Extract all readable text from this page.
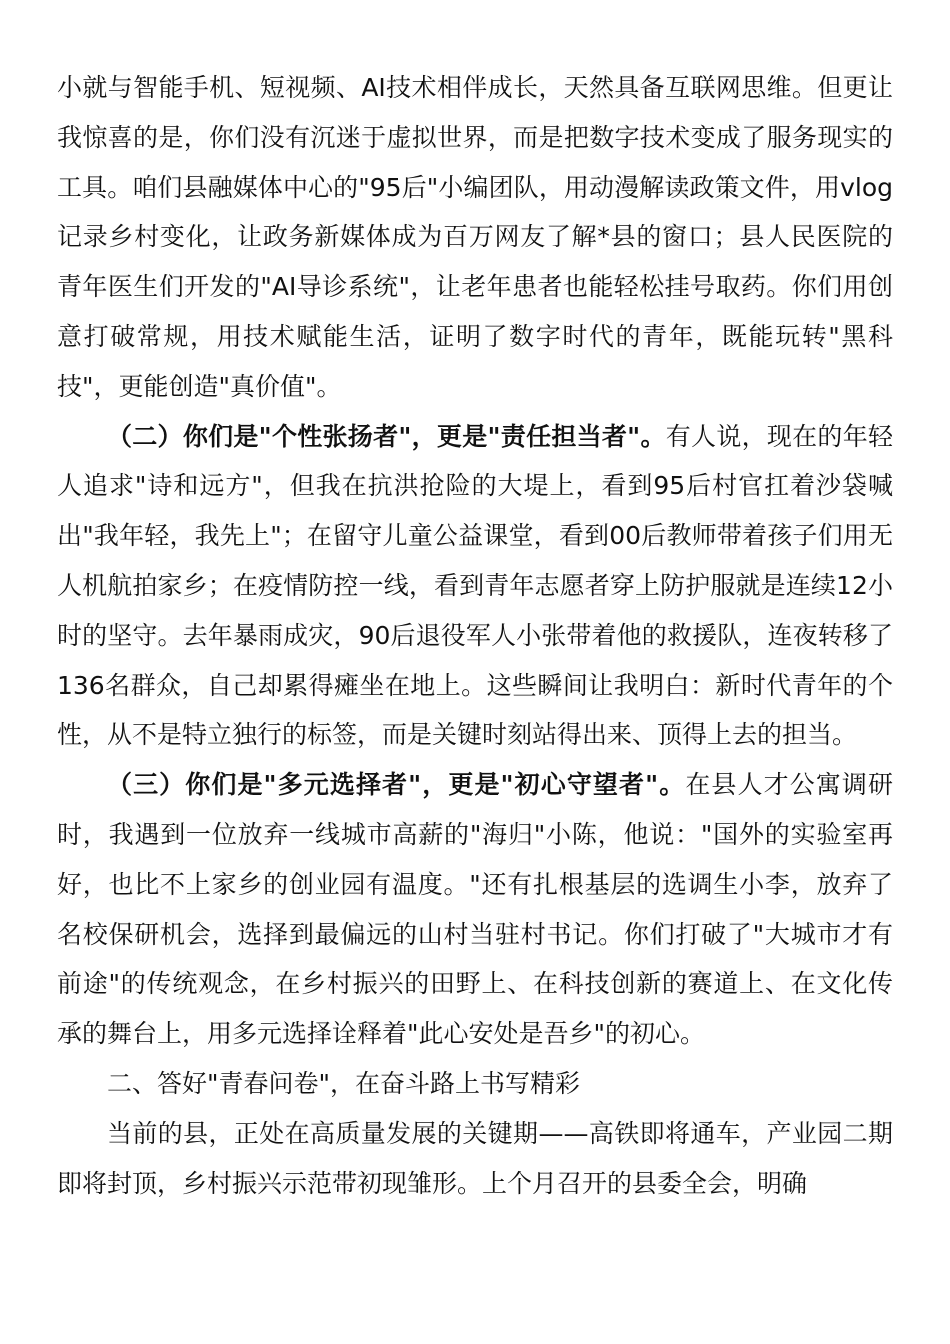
小就与智能手机、短视频、AI技术相伴成长，天然具备互联网思维。但更让我惊喜的是，你们没有沉迷于虚拟世界，而是把数字技术变成了服务现实的工具。咱们县融媒体中心的"95后"小编团队，用动漫解读政策文件，用vlog记录乡村变化，让政务新媒体成为百万网友了解*县的窗口；县人民医院的青年医生们开发的"AI导诊系统"，让老年患者也能轻松挂号取药。你们用创意打破常规，用技术赋能生活，证明了数字时代的青年，既能玩转"黑科技"，更能创造"真价值"。

（二）你们是"个性张扬者"，更是"责任担当者"。有人说，现在的年轻人追求"诗和远方"，但我在抗洪抢险的大堤上，看到95后村官扛着沙袋喊出"我年轻，我先上"；在留守儿童公益课堂，看到00后教师带着孩子们用无人机航拍家乡；在疫情防控一线，看到青年志愿者穿上防护服就是连续12小时的坚守。去年暴雨成灾，90后退役军人小张带着他的救援队，连夜转移了136名群众，自己却累得瘫坐在地上。这些瞬间让我明白：新时代青年的个性，从不是特立独行的标签，而是关键时刻站得出来、顶得上去的担当。

（三）你们是"多元选择者"，更是"初心守望者"。在县人才公寓调研时，我遇到一位放弃一线城市高薪的"海归"小陈，他说："国外的实验室再好，也比不上家乡的创业园有温度。"还有扎根基层的选调生小李，放弃了名校保研机会，选择到最偏远的山村当驻村书记。你们打破了"大城市才有前途"的传统观念，在乡村振兴的田野上、在科技创新的赛道上、在文化传承的舞台上，用多元选择诠释着"此心安处是吾乡"的初心。

二、答好"青春问卷"，在奋斗路上书写精彩

当前的县，正处在高质量发展的关键期——高铁即将通车，产业园二期即将封顶，乡村振兴示范带初现雏形。上个月召开的县委全会，明确
